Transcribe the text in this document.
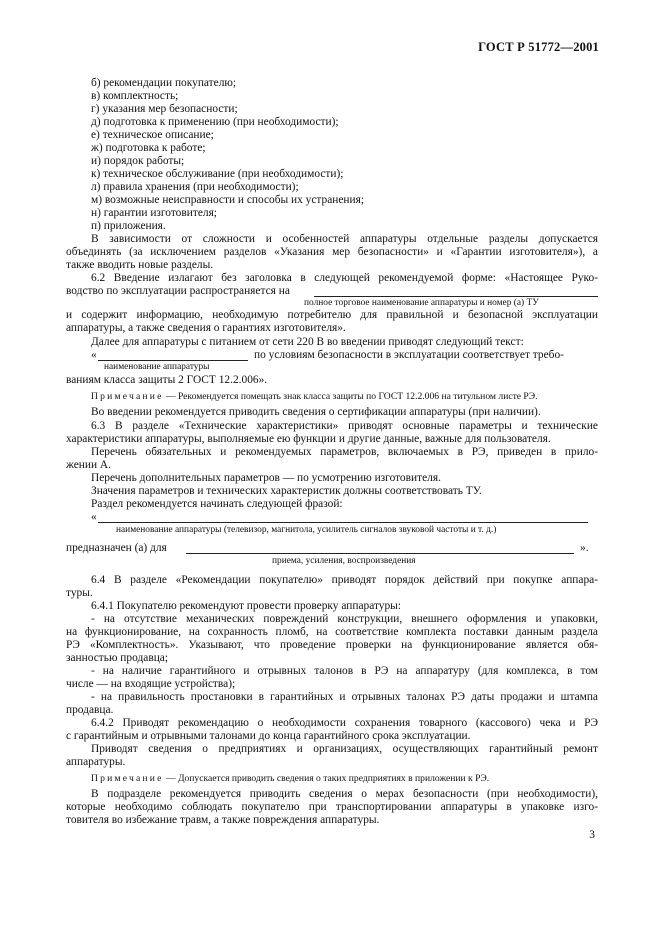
ГОСТ Р 51772—2001
б) рекомендации покупателю;
в) комплектность;
г) указания мер безопасности;
д) подготовка к применению (при необходимости);
е) техническое описание;
ж) подготовка к работе;
и) порядок работы;
к) техническое обслуживание (при необходимости);
л) правила хранения (при необходимости);
м) возможные неисправности и способы их устранения;
н) гарантии изготовителя;
п) приложения.
В зависимости от сложности и особенностей аппаратуры отдельные разделы допускается
объединять (за исключением разделов «Указания мер безопасности» и «Гарантии изготовителя»), а
также вводить новые разделы.
6.2 Введение излагают без заголовка в следующей рекомендуемой форме: «Настоящее Руко-
водство по эксплуатации распространяется на
полное торговое наименование аппаратуры и номер (а) ТУ
и содержит информацию, необходимую потребителю для правильной и безопасной эксплуатации
аппаратуры, а также сведения о гарантиях изготовителя».
Далее для аппаратуры с питанием от сети 220 В во введении приводят следующий текст:
«	по условиям безопасности в эксплуатации соответствует требо-
наименование аппаратуры
ваниям класса защиты 2 ГОСТ 12.2.006».
Примечание — Рекомендуется помещать знак класса защиты по ГОСТ 12.2.006 на титульном листе РЭ.
Во введении рекомендуется приводить сведения о сертификации аппаратуры (при наличии).
6.3 В разделе «Технические характеристики» приводят основные параметры и технические
характеристики аппаратуры, выполняемые ею функции и другие данные, важные для пользователя.
Перечень обязательных и рекомендуемых параметров, включаемых в РЭ, приведен в прило-
жении А.
Перечень дополнительных параметров — по усмотрению изготовителя.
Значения параметров и технических характеристик должны соответствовать ТУ.
Раздел рекомендуется начинать следующей фразой:
«
наименование аппаратуры (телевизор, магнитола, усилитель сигналов звуковой частоты и т. д.)
предназначен (а) для	».
приема, усиления, воспроизведения
6.4 В разделе «Рекомендации покупателю» приводят порядок действий при покупке аппара-
туры.
6.4.1 Покупателю рекомендуют провести проверку аппаратуры:
- на отсутствие механических повреждений конструкции, внешнего оформления и упаковки,
на функционирование, на сохранность пломб, на соответствие комплекта поставки данным раздела
РЭ «Комплектность». Указывают, что проведение проверки на функционирование является обя-
занностью продавца;
- на наличие гарантийного и отрывных талонов в РЭ на аппаратуру (для комплекса, в том
числе — на входящие устройства);
- на правильность простановки в гарантийных и отрывных талонах РЭ даты продажи и штампа
продавца.
6.4.2 Приводят рекомендацию о необходимости сохранения товарного (кассового) чека и РЭ
с гарантийным и отрывными талонами до конца гарантийного срока эксплуатации.
Приводят сведения о предприятиях и организациях, осуществляющих гарантийный ремонт
аппаратуры.
Примечание — Допускается приводить сведения о таких предприятиях в приложении к РЭ.
В подразделе рекомендуется приводить сведения о мерах безопасности (при необходимости),
которые необходимо соблюдать покупателю при транспортировании аппаратуры в упаковке изго-
товителя во избежание травм, а также повреждения аппаратуры.
3
